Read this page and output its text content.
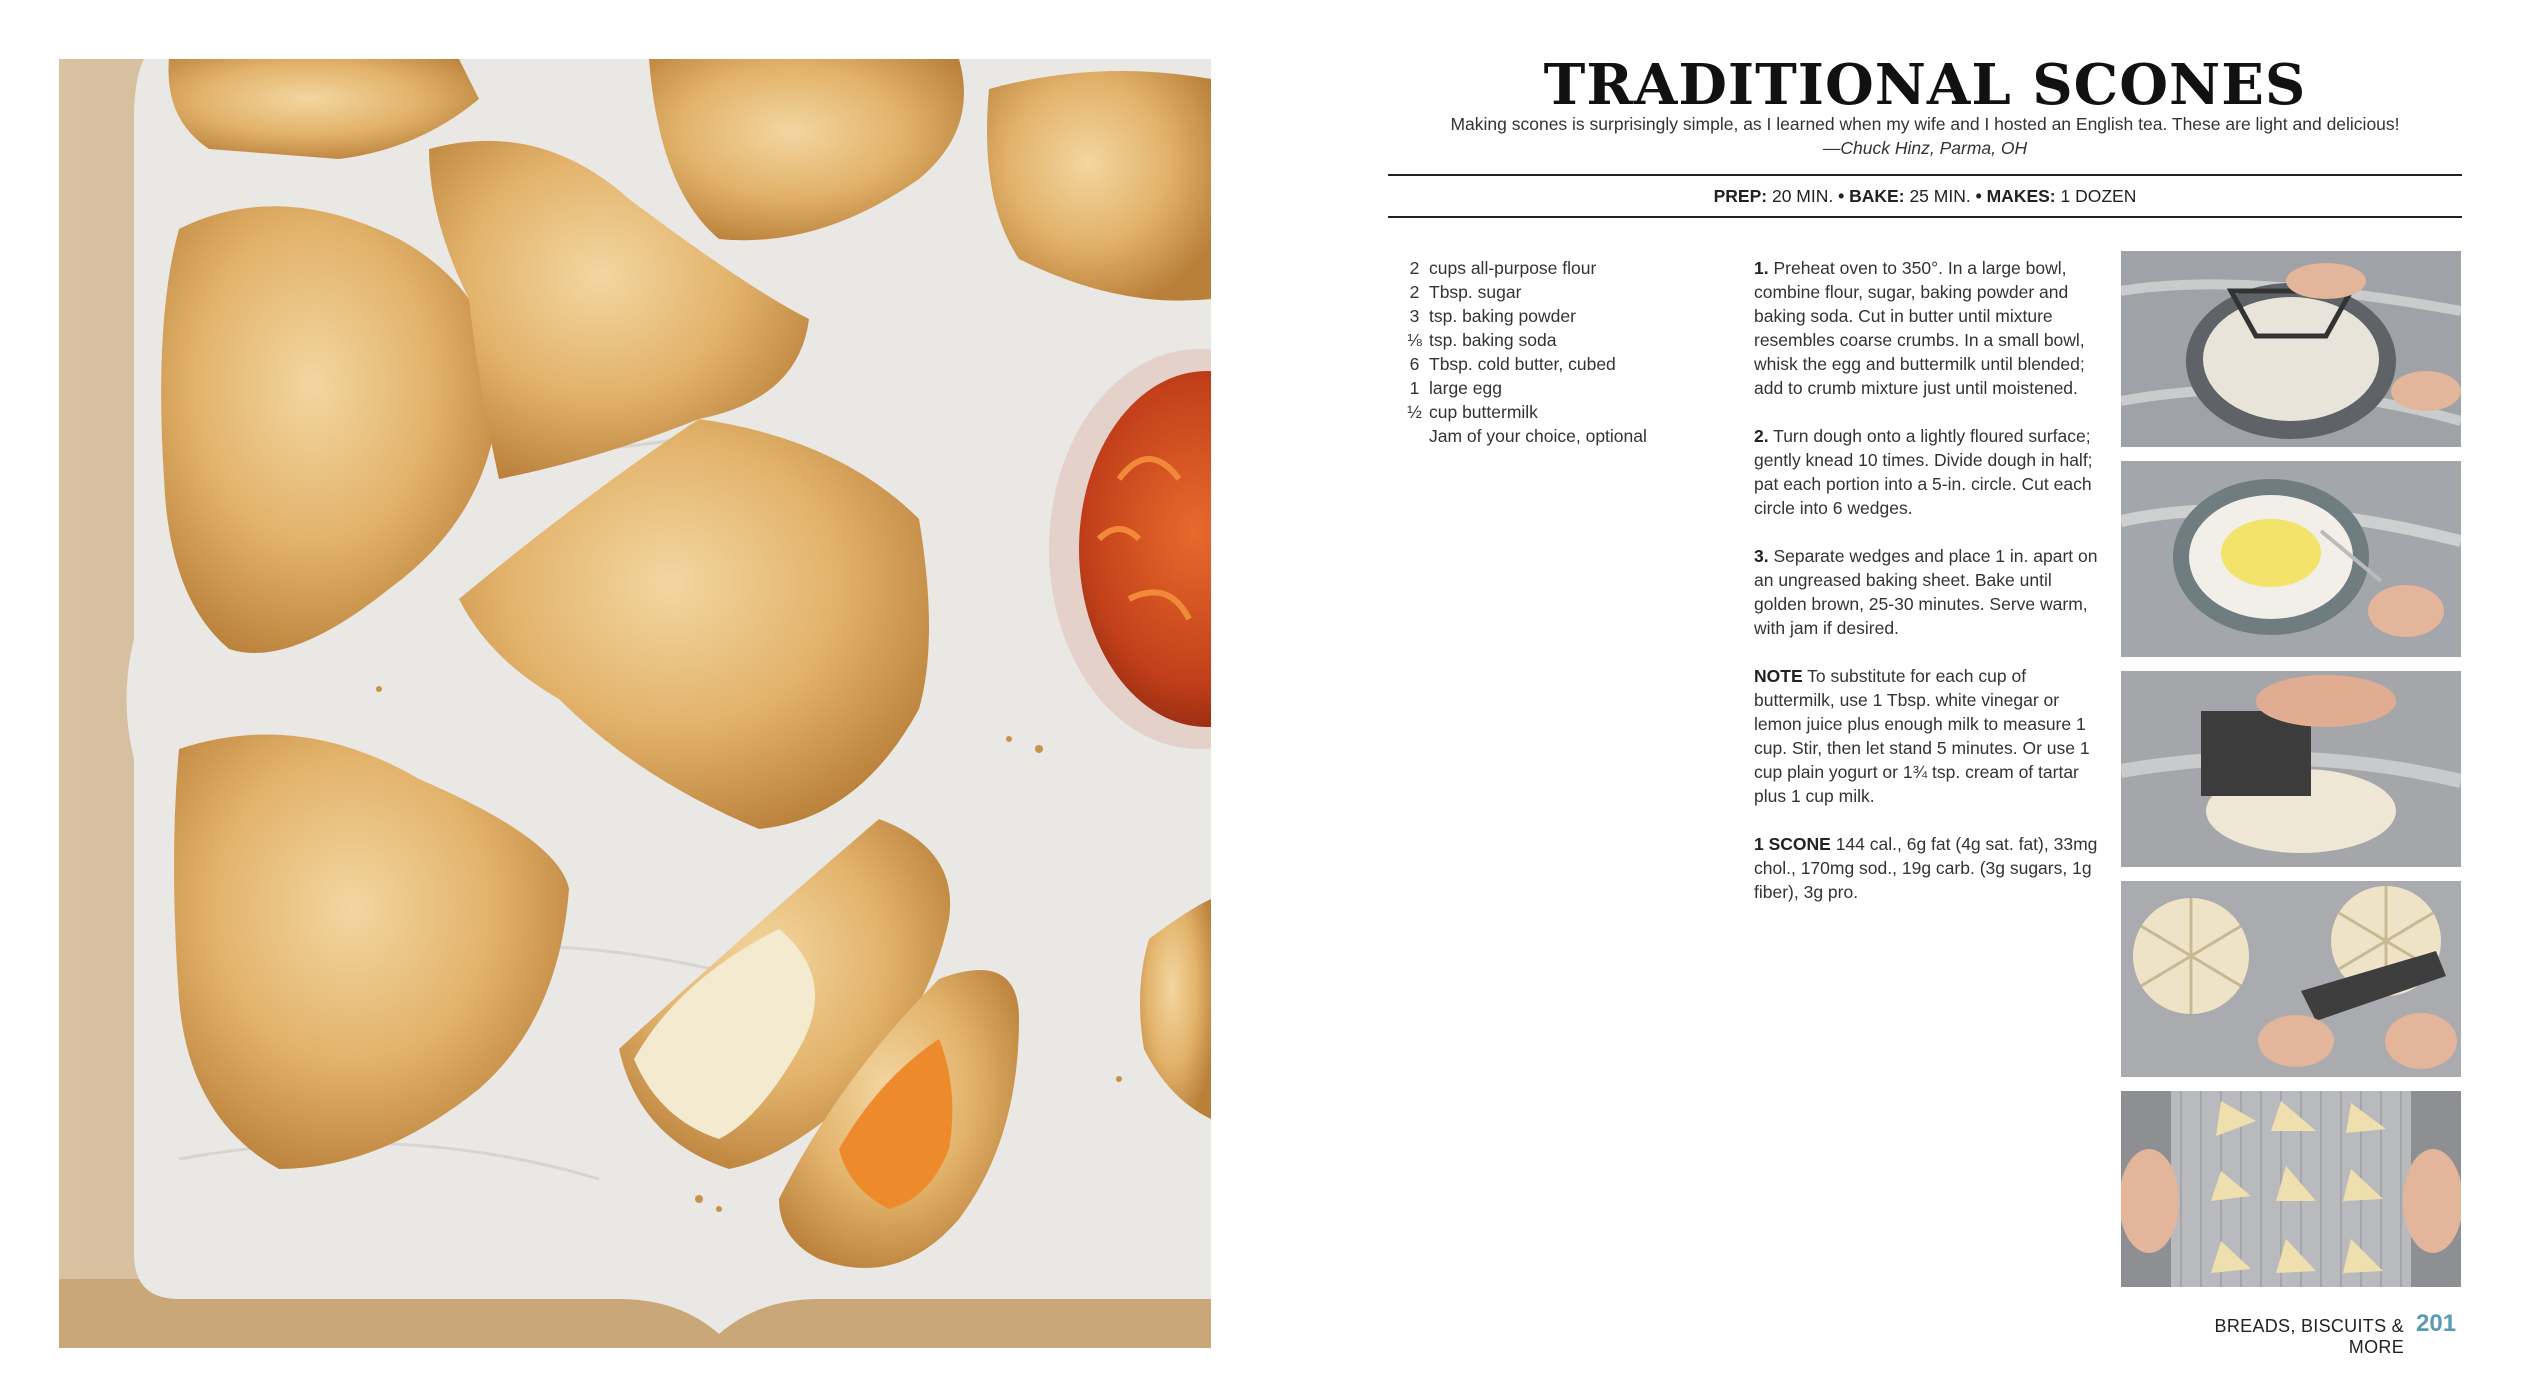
TRADITIONAL SCONES
Making scones is surprisingly simple, as I learned when my wife and I hosted an English tea. These are light and delicious!
—Chuck Hinz, Parma, OH
PREP: 20 MIN. • BAKE: 25 MIN. • MAKES: 1 DOZEN
2 cups all-purpose flour
2 Tbsp. sugar
3 tsp. baking powder
⅛ tsp. baking soda
6 Tbsp. cold butter, cubed
1 large egg
½ cup buttermilk
Jam of your choice, optional

1. Preheat oven to 350°. In a large bowl, combine flour, sugar, baking powder and baking soda. Cut in butter until mixture resembles coarse crumbs. In a small bowl, whisk the egg and buttermilk until blended; add to crumb mixture just until moistened.

2. Turn dough onto a lightly floured surface; gently knead 10 times. Divide dough in half; pat each portion into a 5-in. circle. Cut each circle into 6 wedges.

3. Separate wedges and place 1 in. apart on an ungreased baking sheet. Bake until golden brown, 25-30 minutes. Serve warm, with jam if desired.

NOTE To substitute for each cup of buttermilk, use 1 Tbsp. white vinegar or lemon juice plus enough milk to measure 1 cup. Stir, then let stand 5 minutes. Or use 1 cup plain yogurt or 1¾ tsp. cream of tartar plus 1 cup milk.

1 SCONE 144 cal., 6g fat (4g sat. fat), 33mg chol., 170mg sod., 19g carb. (3g sugars, 1g fiber), 3g pro.

BREADS, BISCUITS & MORE
201
